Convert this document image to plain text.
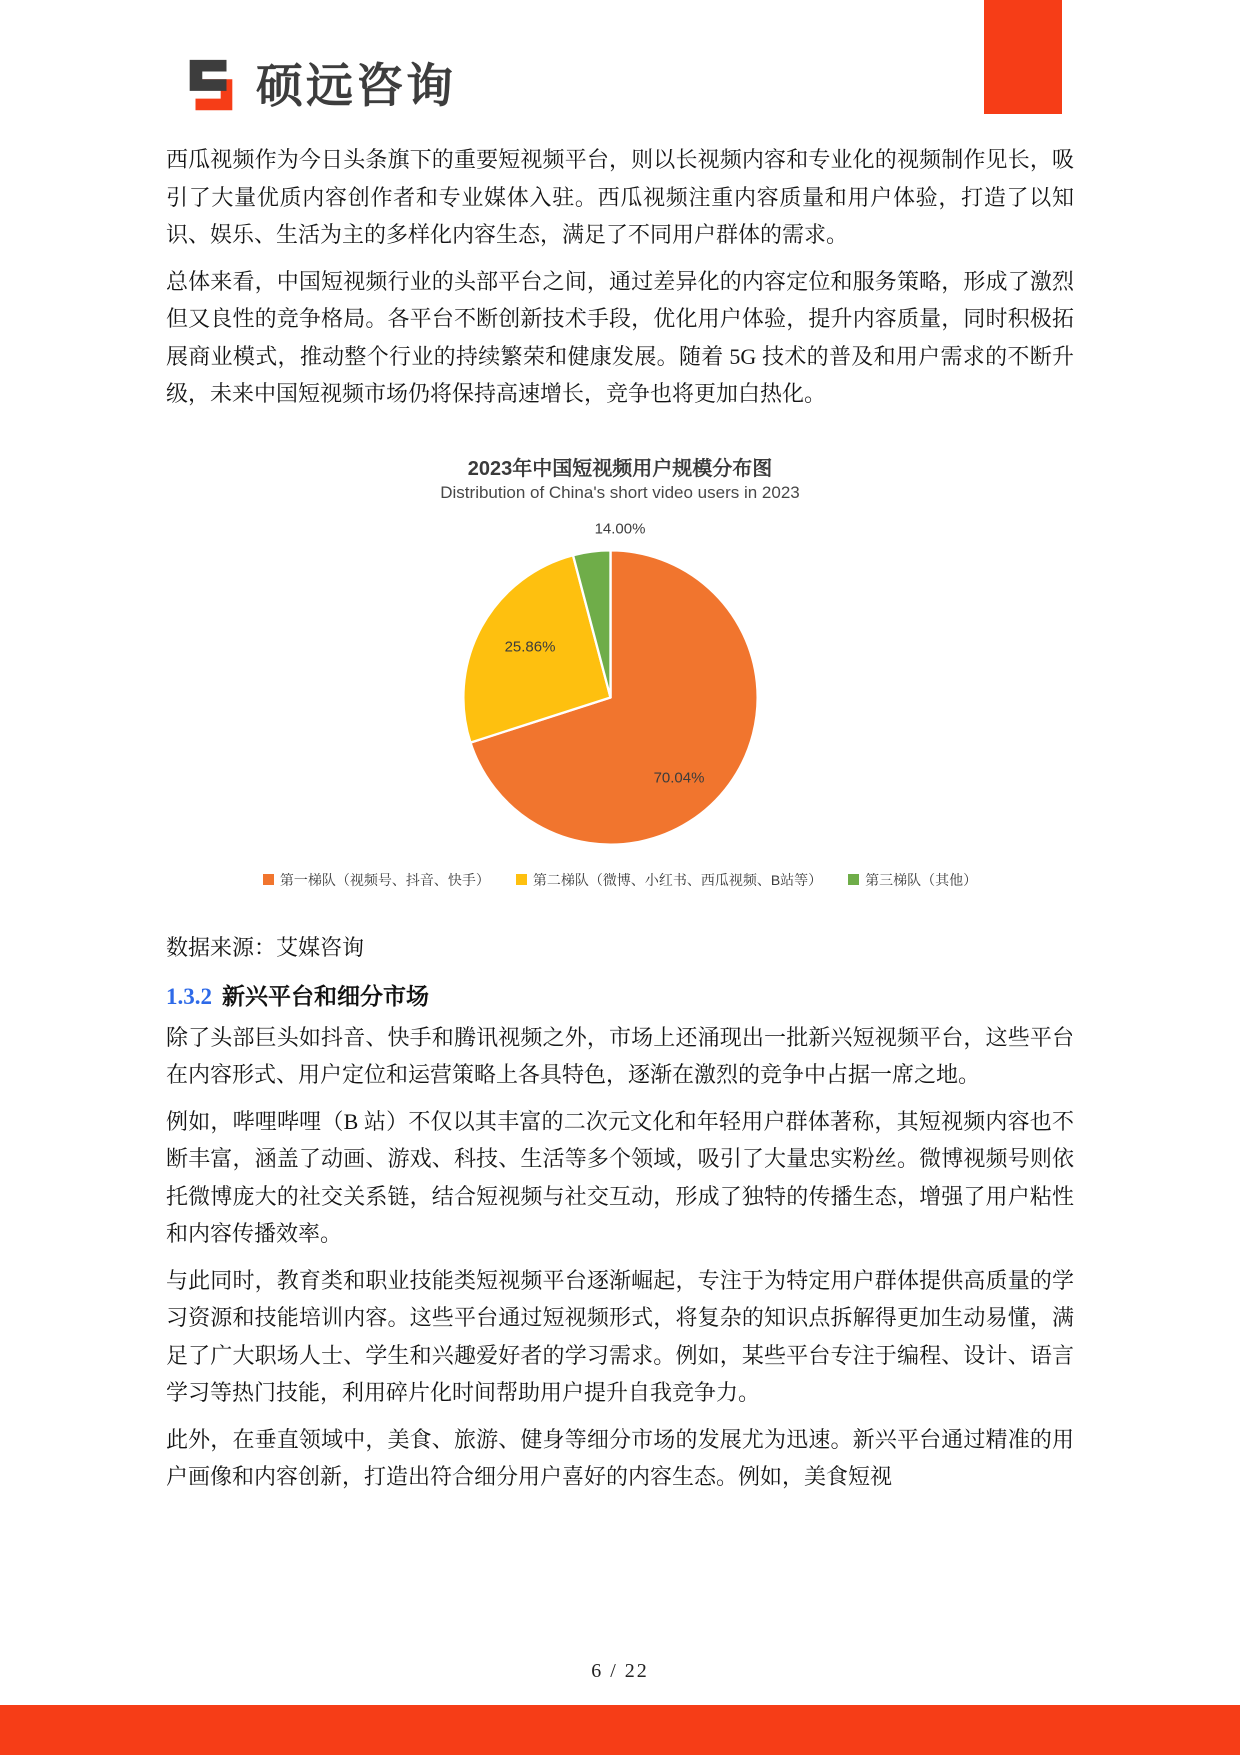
硕远咨询

西瓜视频作为今日头条旗下的重要短视频平台，则以长视频内容和专业化的视频制作见长，吸引了大量优质内容创作者和专业媒体入驻。西瓜视频注重内容质量和用户体验，打造了以知识、娱乐、生活为主的多样化内容生态，满足了不同用户群体的需求。

总体来看，中国短视频行业的头部平台之间，通过差异化的内容定位和服务策略，形成了激烈但又良性的竞争格局。各平台不断创新技术手段，优化用户体验，提升内容质量，同时积极拓展商业模式，推动整个行业的持续繁荣和健康发展。随着 5G 技术的普及和用户需求的不断升级，未来中国短视频市场仍将保持高速增长，竞争也将更加白热化。

2023年中国短视频用户规模分布图
Distribution of China's short video users in 2023
14.00%
25.86%
70.04%
第一梯队（视频号、抖音、快手）	第二梯队（微博、小红书、西瓜视频、B站等）	第三梯队（其他）

数据来源：艾媒咨询

1.3.2 新兴平台和细分市场

除了头部巨头如抖音、快手和腾讯视频之外，市场上还涌现出一批新兴短视频平台，这些平台在内容形式、用户定位和运营策略上各具特色，逐渐在激烈的竞争中占据一席之地。

例如，哔哩哔哩（B 站）不仅以其丰富的二次元文化和年轻用户群体著称，其短视频内容也不断丰富，涵盖了动画、游戏、科技、生活等多个领域，吸引了大量忠实粉丝。微博视频号则依托微博庞大的社交关系链，结合短视频与社交互动，形成了独特的传播生态，增强了用户粘性和内容传播效率。

与此同时，教育类和职业技能类短视频平台逐渐崛起，专注于为特定用户群体提供高质量的学习资源和技能培训内容。这些平台通过短视频形式，将复杂的知识点拆解得更加生动易懂，满足了广大职场人士、学生和兴趣爱好者的学习需求。例如，某些平台专注于编程、设计、语言学习等热门技能，利用碎片化时间帮助用户提升自我竞争力。

此外，在垂直领域中，美食、旅游、健身等细分市场的发展尤为迅速。新兴平台通过精准的用户画像和内容创新，打造出符合细分用户喜好的内容生态。例如，美食短视

6 / 22
